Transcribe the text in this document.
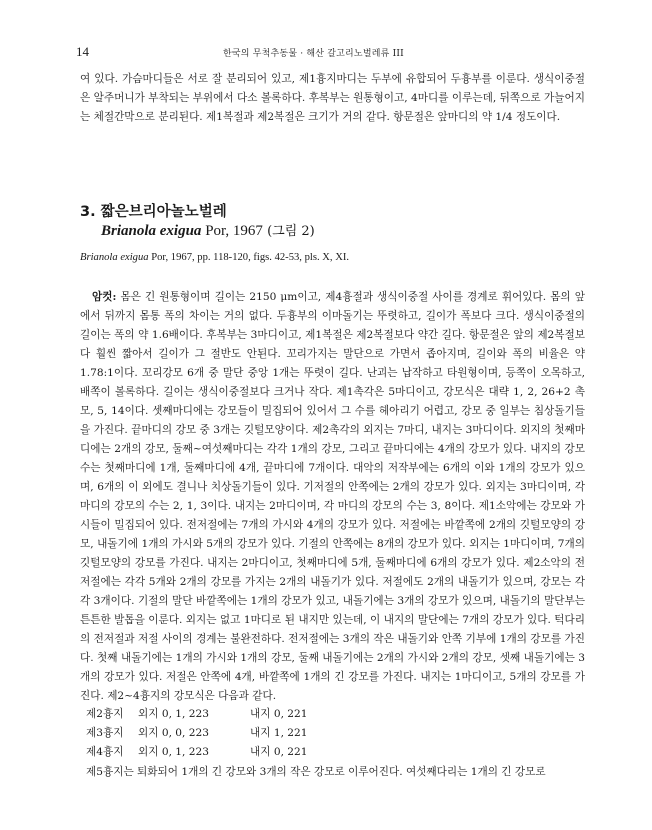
14	한국의 무척추동물 · 해산 갈고리노벌레류 III

여 있다. 가슴마디들은 서로 잘 분리되어 있고, 제1흉지마디는 두부에 유합되어 두흉부를 이룬다. 생식이중절은 알주머니가 부착되는 부위에서 다소 볼록하다. 후복부는 원통형이고, 4마디를 이루는데, 뒤쪽으로 가늘어지는 체절간막으로 분리된다. 제1복절과 제2복절은 크기가 거의 같다. 항문절은 앞마디의 약 1/4 정도이다.

3. 짧은브리아놀노벌레
Brianola exigua Por, 1967 (그림 2)
Brianola exigua Por, 1967, pp. 118-120, figs. 42-53, pls. X, XI.

암컷: 몸은 긴 원통형이며 길이는 2150 μm이고, 제4흉절과 생식이중절 사이를 경계로 휘어있다. 몸의 앞에서 뒤까지 몸통 폭의 차이는 거의 없다. 두흉부의 이마돌기는 뚜렷하고, 길이가 폭보다 크다. 생식이중절의 길이는 폭의 약 1.6배이다. 후복부는 3마디이고, 제1복절은 제2복절보다 약간 길다. 항문절은 앞의 제2복절보다 훨씬 짧아서 길이가 그 절반도 안된다. 꼬리가지는 말단으로 가면서 좁아지며, 길이와 폭의 비율은 약 1.78:1이다. 꼬리강모 6개 중 말단 중앙 1개는 뚜렷이 길다. 난괴는 납작하고 타원형이며, 등쪽이 오목하고, 배쪽이 볼록하다. 길이는 생식이중절보다 크거나 작다. 제1촉각은 5마디이고, 강모식은 대략 1, 2, 26+2 촉모, 5, 14이다. 셋째마디에는 강모들이 밀집되어 있어서 그 수를 헤아리기 어렵고, 강모 중 일부는 침상돌기들을 가진다. 끝마디의 강모 중 3개는 깃털모양이다. 제2촉각의 외지는 7마디, 내지는 3마디이다. 외지의 첫째마디에는 2개의 강모, 둘째~여섯째마디는 각각 1개의 강모, 그리고 끝마디에는 4개의 강모가 있다. 내지의 강모수는 첫째마디에 1개, 둘째마디에 4개, 끝마디에 7개이다. 대악의 저작부에는 6개의 이와 1개의 강모가 있으며, 6개의 이 외에도 결니나 치상돌기들이 있다. 기저절의 안쪽에는 2개의 강모가 있다. 외지는 3마디이며, 각 마디의 강모의 수는 2, 1, 3이다. 내지는 2마디이며, 각 마디의 강모의 수는 3, 8이다. 제1소악에는 강모와 가시들이 밀집되어 있다. 전저절에는 7개의 가시와 4개의 강모가 있다. 저절에는 바깥쪽에 2개의 깃털모양의 강모, 내돌기에 1개의 가시와 5개의 강모가 있다. 기절의 안쪽에는 8개의 강모가 있다. 외지는 1마디이며, 7개의 깃털모양의 강모를 가진다. 내지는 2마디이고, 첫째마디에 5개, 둘째마디에 6개의 강모가 있다. 제2소악의 전저절에는 각각 5개와 2개의 강모를 가지는 2개의 내돌기가 있다. 저절에도 2개의 내돌기가 있으며, 강모는 각각 3개이다. 기절의 말단 바깥쪽에는 1개의 강모가 있고, 내돌기에는 3개의 강모가 있으며, 내돌기의 말단부는 튼튼한 발톱을 이룬다. 외지는 없고 1마디로 된 내지만 있는데, 이 내지의 말단에는 7개의 강모가 있다. 턱다리의 전저절과 저절 사이의 경계는 불완전하다. 전저절에는 3개의 작은 내돌기와 안쪽 기부에 1개의 강모를 가진다. 첫째 내돌기에는 1개의 가시와 1개의 강모, 둘째 내돌기에는 2개의 가시와 2개의 강모, 셋째 내돌기에는 3개의 강모가 있다. 저절은 안쪽에 4개, 바깥쪽에 1개의 긴 강모를 가진다. 내지는 1마디이고, 5개의 강모를 가진다. 제2~4흉지의 강모식은 다음과 같다.

제2흉지	외지 0, 1, 223	내지 0, 221
제3흉지	외지 0, 0, 223	내지 1, 221
제4흉지	외지 0, 1, 223	내지 0, 221

제5흉지는 퇴화되어 1개의 긴 강모와 3개의 작은 강모로 이루어진다. 여섯째다리는 1개의 긴 강모로
